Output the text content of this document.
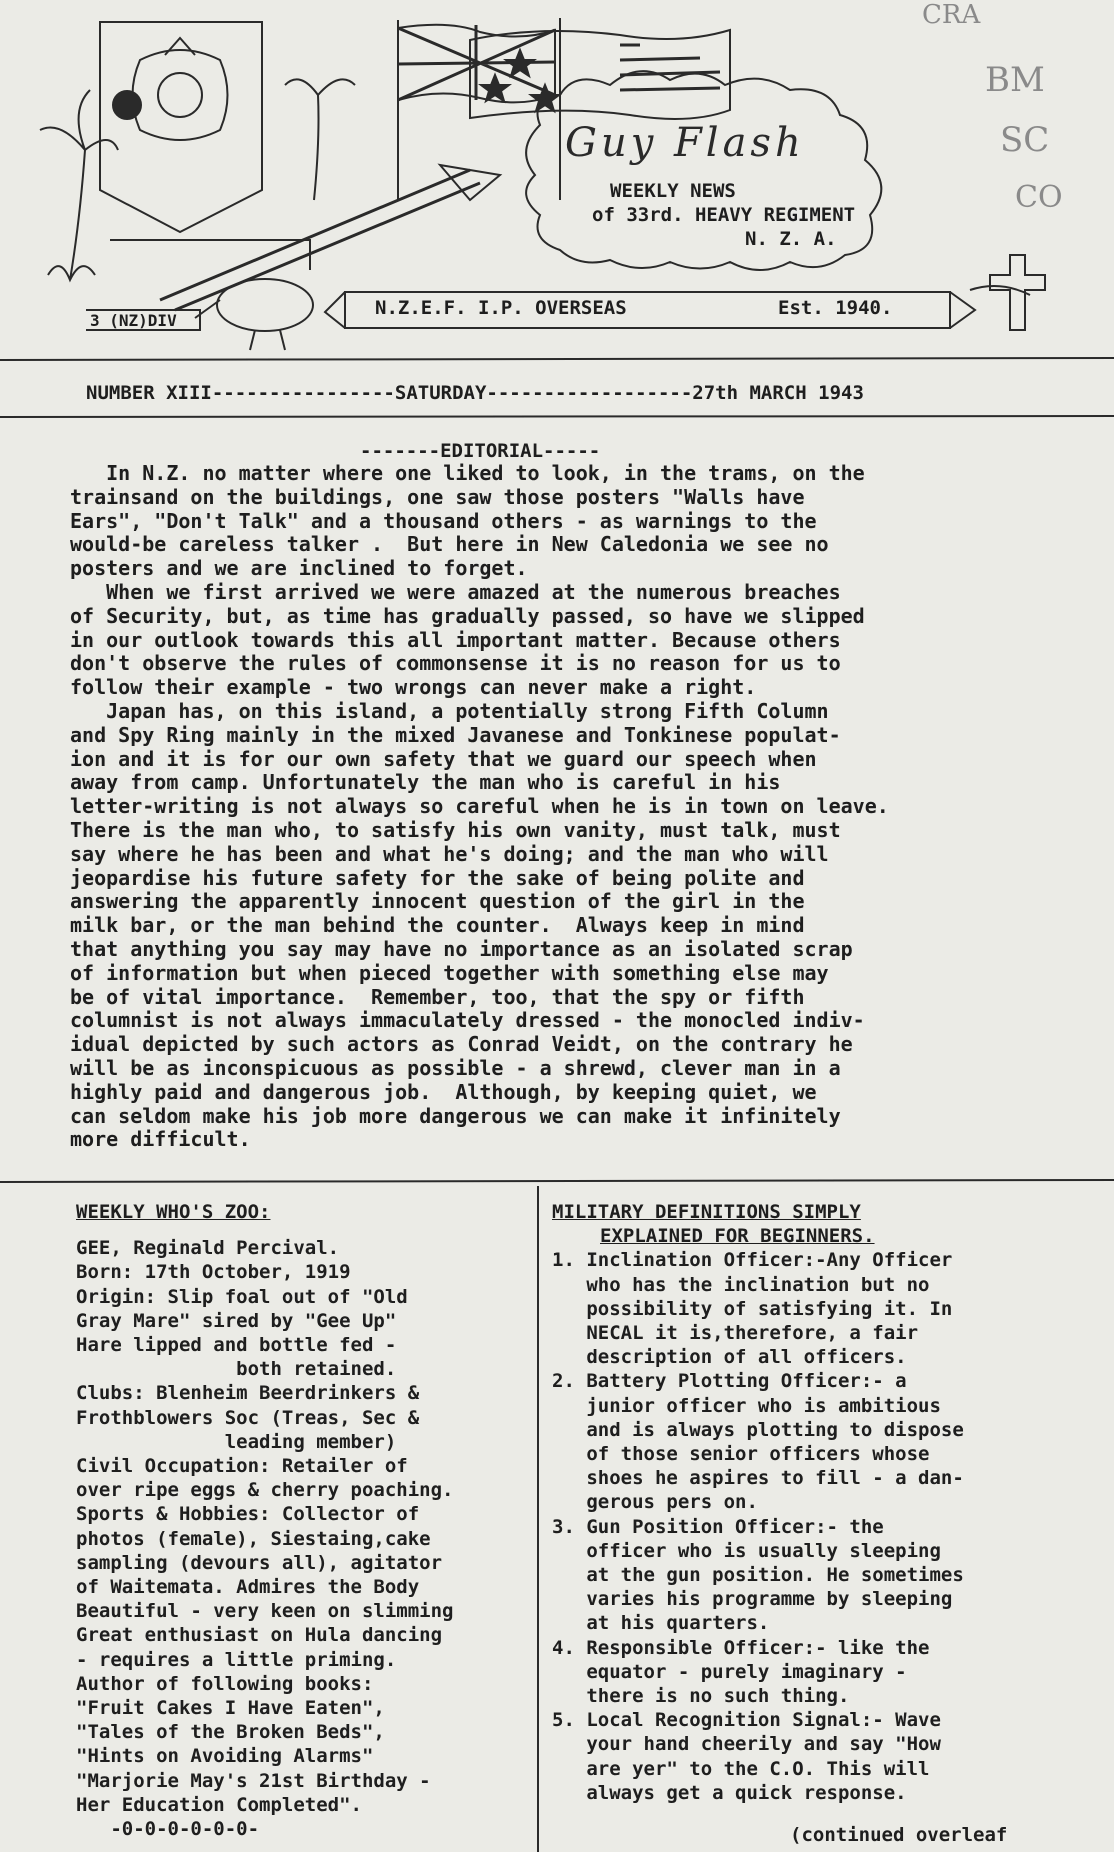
CRA
BM
SC
CO
Guy Flash
WEEKLY NEWS
of 33rd. HEAVY REGIMENT
N. Z. A.
3 (NZ)DIV
N.Z.E.F. I.P. OVERSEAS	Est. 1940.
NUMBER XIII----------------SATURDAY------------------27th MARCH 1943
-------EDITORIAL-----
In N.Z. no matter where one liked to look, in the trams, on the
trainsand on the buildings, one saw those posters "Walls have
Ears", "Don't Talk" and a thousand others - as warnings to the
would-be careless talker .  But here in New Caledonia we see no
posters and we are inclined to forget.
When we first arrived we were amazed at the numerous breaches
of Security, but, as time has gradually passed, so have we slipped
in our outlook towards this all important matter. Because others
don't observe the rules of commonsense it is no reason for us to
follow their example - two wrongs can never make a right.
Japan has, on this island, a potentially strong Fifth Column
and Spy Ring mainly in the mixed Javanese and Tonkinese populat-
ion and it is for our own safety that we guard our speech when
away from camp. Unfortunately the man who is careful in his
letter-writing is not always so careful when he is in town on leave.
There is the man who, to satisfy his own vanity, must talk, must
say where he has been and what he's doing; and the man who will
jeopardise his future safety for the sake of being polite and
answering the apparently innocent question of the girl in the
milk bar, or the man behind the counter.  Always keep in mind
that anything you say may have no importance as an isolated scrap
of information but when pieced together with something else may
be of vital importance.  Remember, too, that the spy or fifth
columnist is not always immaculately dressed - the monocled indiv-
idual depicted by such actors as Conrad Veidt, on the contrary he
will be as inconspicuous as possible - a shrewd, clever man in a
highly paid and dangerous job.  Although, by keeping quiet, we
can seldom make his job more dangerous we can make it infinitely
more difficult.
WEEKLY WHO'S ZOO:
GEE, Reginald Percival.
Born: 17th October, 1919
Origin: Slip foal out of "Old
Gray Mare" sired by "Gee Up"
Hare lipped and bottle fed -
both retained.
Clubs: Blenheim Beerdrinkers &
Frothblowers Soc (Treas, Sec &
leading member)
Civil Occupation: Retailer of
over ripe eggs & cherry poaching.
Sports & Hobbies: Collector of
photos (female), Siestaing,cake
sampling (devours all), agitator
of Waitemata. Admires the Body
Beautiful - very keen on slimming
Great enthusiast on Hula dancing
- requires a little priming.
Author of following books:
"Fruit Cakes I Have Eaten",
"Tales of the Broken Beds",
"Hints on Avoiding Alarms"
"Marjorie May's 21st Birthday -
Her Education Completed".
-0-0-0-0-0-0-
MILITARY DEFINITIONS SIMPLY
EXPLAINED FOR BEGINNERS.
1. Inclination Officer:-Any Officer
who has the inclination but no
possibility of satisfying it. In
NECAL it is,therefore, a fair
description of all officers.
2. Battery Plotting Officer:- a
junior officer who is ambitious
and is always plotting to dispose
of those senior officers whose
shoes he aspires to fill - a dan-
gerous pers on.
3. Gun Position Officer:- the
officer who is usually sleeping
at the gun position. He sometimes
varies his programme by sleeping
at his quarters.
4. Responsible Officer:- like the
equator - purely imaginary -
there is no such thing.
5. Local Recognition Signal:- Wave
your hand cheerily and say "How
are yer" to the C.O. This will
always get a quick response.
(continued overleaf
